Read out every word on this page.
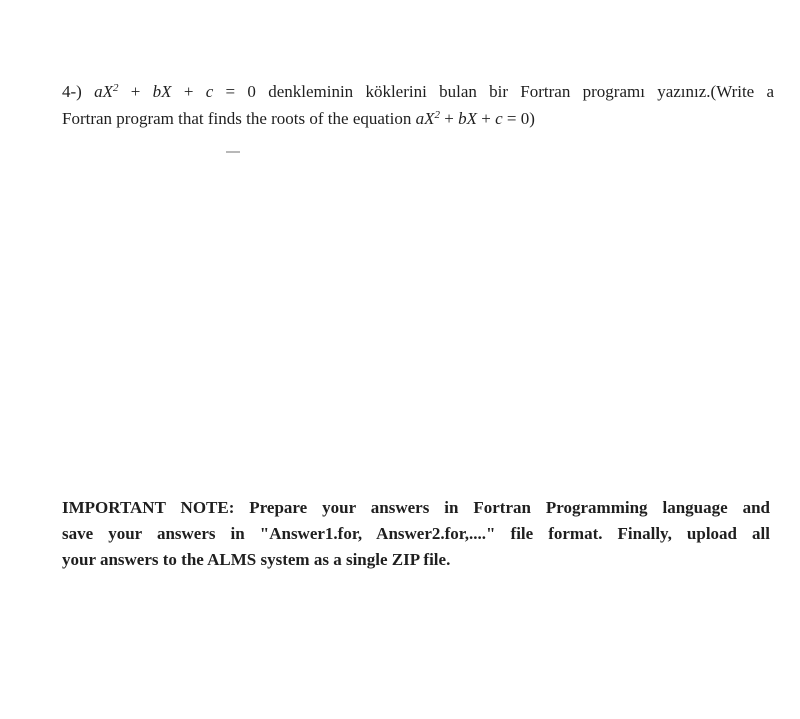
4-) $aX^2$ + bX + c = 0 denkleminin köklerini bulan bir Fortran programı yazınız.(Write a
Fortran program that finds the roots of the equation $aX^2$ + bX + c = 0)
IMPORTANT NOTE: Prepare your answers in Fortran Programming language and
save your answers in "Answer1.for, Answer2.for,...." file format. Finally, upload all
your answers to the ALMS system as a single ZIP file.
